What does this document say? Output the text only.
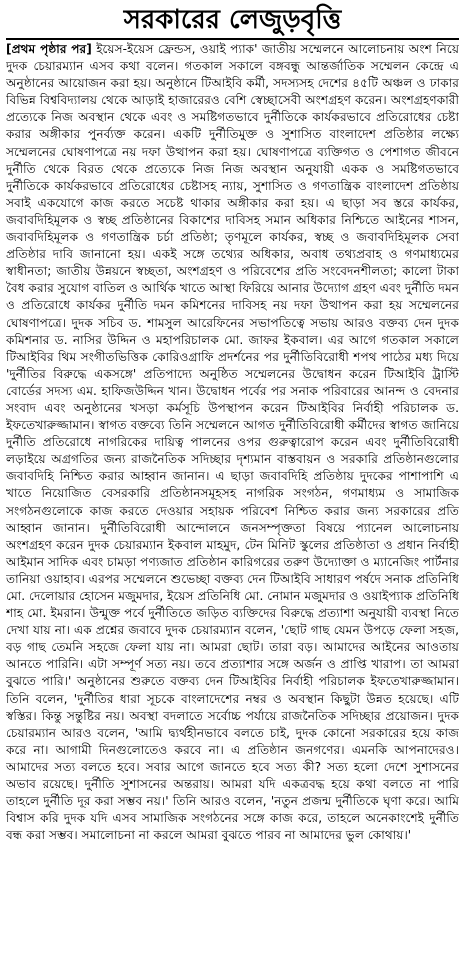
সরকারের লেজুড়বৃত্তি

[প্রথম পৃষ্ঠার পর] ইয়েস-ইয়েস ফ্রেন্ডস, ওয়াই প্যাক' জাতীয় সম্মেলনে আলোচনায় অংশ নিয়ে দুদক চেয়ারম্যান এসব কথা বলেন। গতকাল সকালে বঙ্গবন্ধু আন্তর্জাতিক সম্মেলন কেন্দ্রে এ অনুষ্ঠানের আয়োজন করা হয়। অনুষ্ঠানে টিআইবি কর্মী, সদস্যসহ দেশের ৪৫টি অঞ্চল ও ঢাকার বিভিন্ন বিশ্ববিদ্যালয় থেকে আড়াই হাজারেরও বেশি স্বেচ্ছাসেবী অংশগ্রহণ করেন। অংশগ্রহণকারী প্রত্যেকে নিজ অবস্থান থেকে এবং ও সমষ্টিগতভাবে দুর্নীতিকে কার্যকরভাবে প্রতিরোধের চেষ্টা করার অঙ্গীকার পুনর্ব্যক্ত করেন। একটি দুর্নীতিমুক্ত ও সুশাসিত বাংলাদেশ প্রতিষ্ঠার লক্ষ্যে সম্মেলনের ঘোষণাপত্রে নয় দফা উত্থাপন করা হয়। ঘোষণাপত্রে ব্যক্তিগত ও পেশাগত জীবনে দুর্নীতি থেকে বিরত থেকে প্রত্যেকে নিজ নিজ অবস্থান অনুযায়ী একক ও সমষ্টিগতভাবে দুর্নীতিকে কার্যকরভাবে প্রতিরোধের চেষ্টাসহ ন্যায়, সুশাসিত ও গণতান্ত্রিক বাংলাদেশ প্রতিষ্ঠায় সবাই একযোগে কাজ করতে সচেষ্ট থাকার অঙ্গীকার করা হয়। এ ছাড়া সব স্তরে কার্যকর, জবাবদিহিমূলক ও স্বচ্ছ প্রতিষ্ঠানের বিকাশের দাবিসহ সমান অধিকার নিশ্চিতে আইনের শাসন, জবাবদিহিমূলক ও গণতান্ত্রিক চর্চা প্রতিষ্ঠা; তৃণমূলে কার্যকর, স্বচ্ছ ও জবাবদিহিমূলক সেবা প্রতিষ্ঠার দাবি জানানো হয়। একই সঙ্গে তথ্যের অধিকার, অবাধ তথ্যপ্রবাহ ও গণমাধ্যমের স্বাধীনতা; জাতীয় উন্নয়নে স্বচ্ছতা, অংশগ্রহণ ও পরিবেশের প্রতি সংবেদনশীলতা; কালো টাকা বৈধ করার সুযোগ বাতিল ও আর্থিক খাতে আস্থা ফিরিয়ে আনার উদ্যোগ গ্রহণ এবং দুর্নীতি দমন ও প্রতিরোধে কার্যকর দুর্নীতি দমন কমিশনের দাবিসহ নয় দফা উত্থাপন করা হয় সম্মেলনের ঘোষণাপত্রে। দুদক সচিব ড. শামসুল আরেফিনের সভাপতিত্বে সভায় আরও বক্তব্য দেন দুদক কমিশনার ড. নাসির উদ্দিন ও মহাপরিচালক মো. জাফর ইকবাল। এর আগে গতকাল সকালে টিআইবির থিম সংগীতভিত্তিক কোরিওগ্রাফি প্রদর্শনের পর দুর্নীতিবিরোধী শপথ পাঠের মধ্য দিয়ে 'দুর্নীতির বিরুদ্ধে একসঙ্গে' প্রতিপাদ্যে অনুষ্ঠিত সম্মেলনের উদ্বোধন করেন টিআইবি ট্রাস্টি বোর্ডের সদস্য এম. হাফিজউদ্দিন খান। উদ্বোধন পর্বের পর সনাক পরিবারের আনন্দ ও বেদনার সংবাদ এবং অনুষ্ঠানের খসড়া কর্মসূচি উপস্থাপন করেন টিআইবির নির্বাহী পরিচালক ড. ইফতেখারুজ্জামান। স্বাগত বক্তব্যে তিনি সম্মেলনে আগত দুর্নীতিবিরোধী কর্মীদের স্বাগত জানিয়ে দুর্নীতি প্রতিরোধে নাগরিকের দায়িত্ব পালনের ওপর গুরুত্বারোপ করেন এবং দুর্নীতিবিরোধী লড়াইয়ে অগ্রগতির জন্য রাজনৈতিক সদিচ্ছার দৃশ্যমান বাস্তবায়ন ও সরকারি প্রতিষ্ঠানগুলোর জবাবদিহি নিশ্চিত করার আহ্বান জানান। এ ছাড়া জবাবদিহি প্রতিষ্ঠায় দুদকের পাশাপাশি এ খাতে নিয়োজিত বেসরকারি প্রতিষ্ঠানসমূহসহ নাগরিক সংগঠন, গণমাধ্যম ও সামাজিক সংগঠনগুলোকে কাজ করতে দেওয়ার সহায়ক পরিবেশ নিশ্চিত করার জন্য সরকারের প্রতি আহ্বান জানান। দুর্নীতিবিরোধী আন্দোলনে জনসম্পৃক্ততা বিষয়ে প্যানেল আলোচনায় অংশগ্রহণ করেন দুদক চেয়ারম্যান ইকবাল মাহমুদ, টেন মিনিট স্কুলের প্রতিষ্ঠাতা ও প্রধান নির্বাহী আইমান সাদিক এবং চামড়া পণ্যজাত প্রতিষ্ঠান কারিগরের তরুণ উদ্যোক্তা ও ম্যানেজিং পার্টনার তানিয়া ওয়াহাব। এরপর সম্মেলনে শুভেচ্ছা বক্তব্য দেন টিআইবি সাধারণ পর্ষদে সনাক প্রতিনিধি মো. দেলোয়ার হোসেন মজুমদার, ইয়েস প্রতিনিধি মো. নোমান মজুমদার ও ওয়াইপ্যাক প্রতিনিধি শাহ মো. ইমরান। উন্মুক্ত পর্বে দুর্নীতিতে জড়িত ব্যক্তিদের বিরুদ্ধে প্রত্যাশা অনুযায়ী ব্যবস্থা নিতে দেখা যায় না। এক প্রশ্নের জবাবে দুদক চেয়ারম্যান বলেন, 'ছোট গাছ যেমন উপড়ে ফেলা সহজ, বড় গাছ তেমনি সহজে ফেলা যায় না। আমরা ছোট। তারা বড়। আমাদের আইনের আওতায় আনতে পারিনি। এটা সম্পূর্ণ সত্য নয়। তবে প্রত্যাশার সঙ্গে অর্জন ও প্রাপ্তি খারাপ। তা আমরা বুঝতে পারি।' অনুষ্ঠানের শুরুতে বক্তব্য দেন টিআইবির নির্বাহী পরিচালক ইফতেখারুজ্জামান। তিনি বলেন, 'দুর্নীতির ধারা সূচকে বাংলাদেশের নম্বর ও অবস্থান কিছুটা উন্নত হয়েছে। এটি স্বস্তির। কিন্তু সন্তুষ্টির নয়। অবস্থা বদলাতে সর্বোচ্চ পর্যায়ে রাজনৈতিক সদিচ্ছার প্রয়োজন। দুদক চেয়ারম্যান আরও বলেন, 'আমি দ্ব্যর্থহীনভাবে বলতে চাই, দুদক কোনো সরকারের হয়ে কাজ করে না। আগামী দিনগুলোতেও করবে না। এ প্রতিষ্ঠান জনগণের। এমনকি আপনাদেরও। আমাদের সত্য বলতে হবে। সবার আগে জানতে হবে সত্য কী? সত্য হলো দেশে সুশাসনের অভাব রয়েছে। দুর্নীতি সুশাসনের অন্তরায়। আমরা যদি একত্রবদ্ধ হয়ে কথা বলতে না পারি তাহলে দুর্নীতি দূর করা সম্ভব নয়।' তিনি আরও বলেন, 'নতুন প্রজন্ম দুর্নীতিকে ঘৃণা করে। আমি বিশ্বাস করি দুদক যদি এসব সামাজিক সংগঠনের সঙ্গে কাজ করে, তাহলে অনেকাংশেই দুর্নীতি বন্ধ করা সম্ভব। সমালোচনা না করলে আমরা বুঝতে পারব না আমাদের ভুল কোথায়।'
